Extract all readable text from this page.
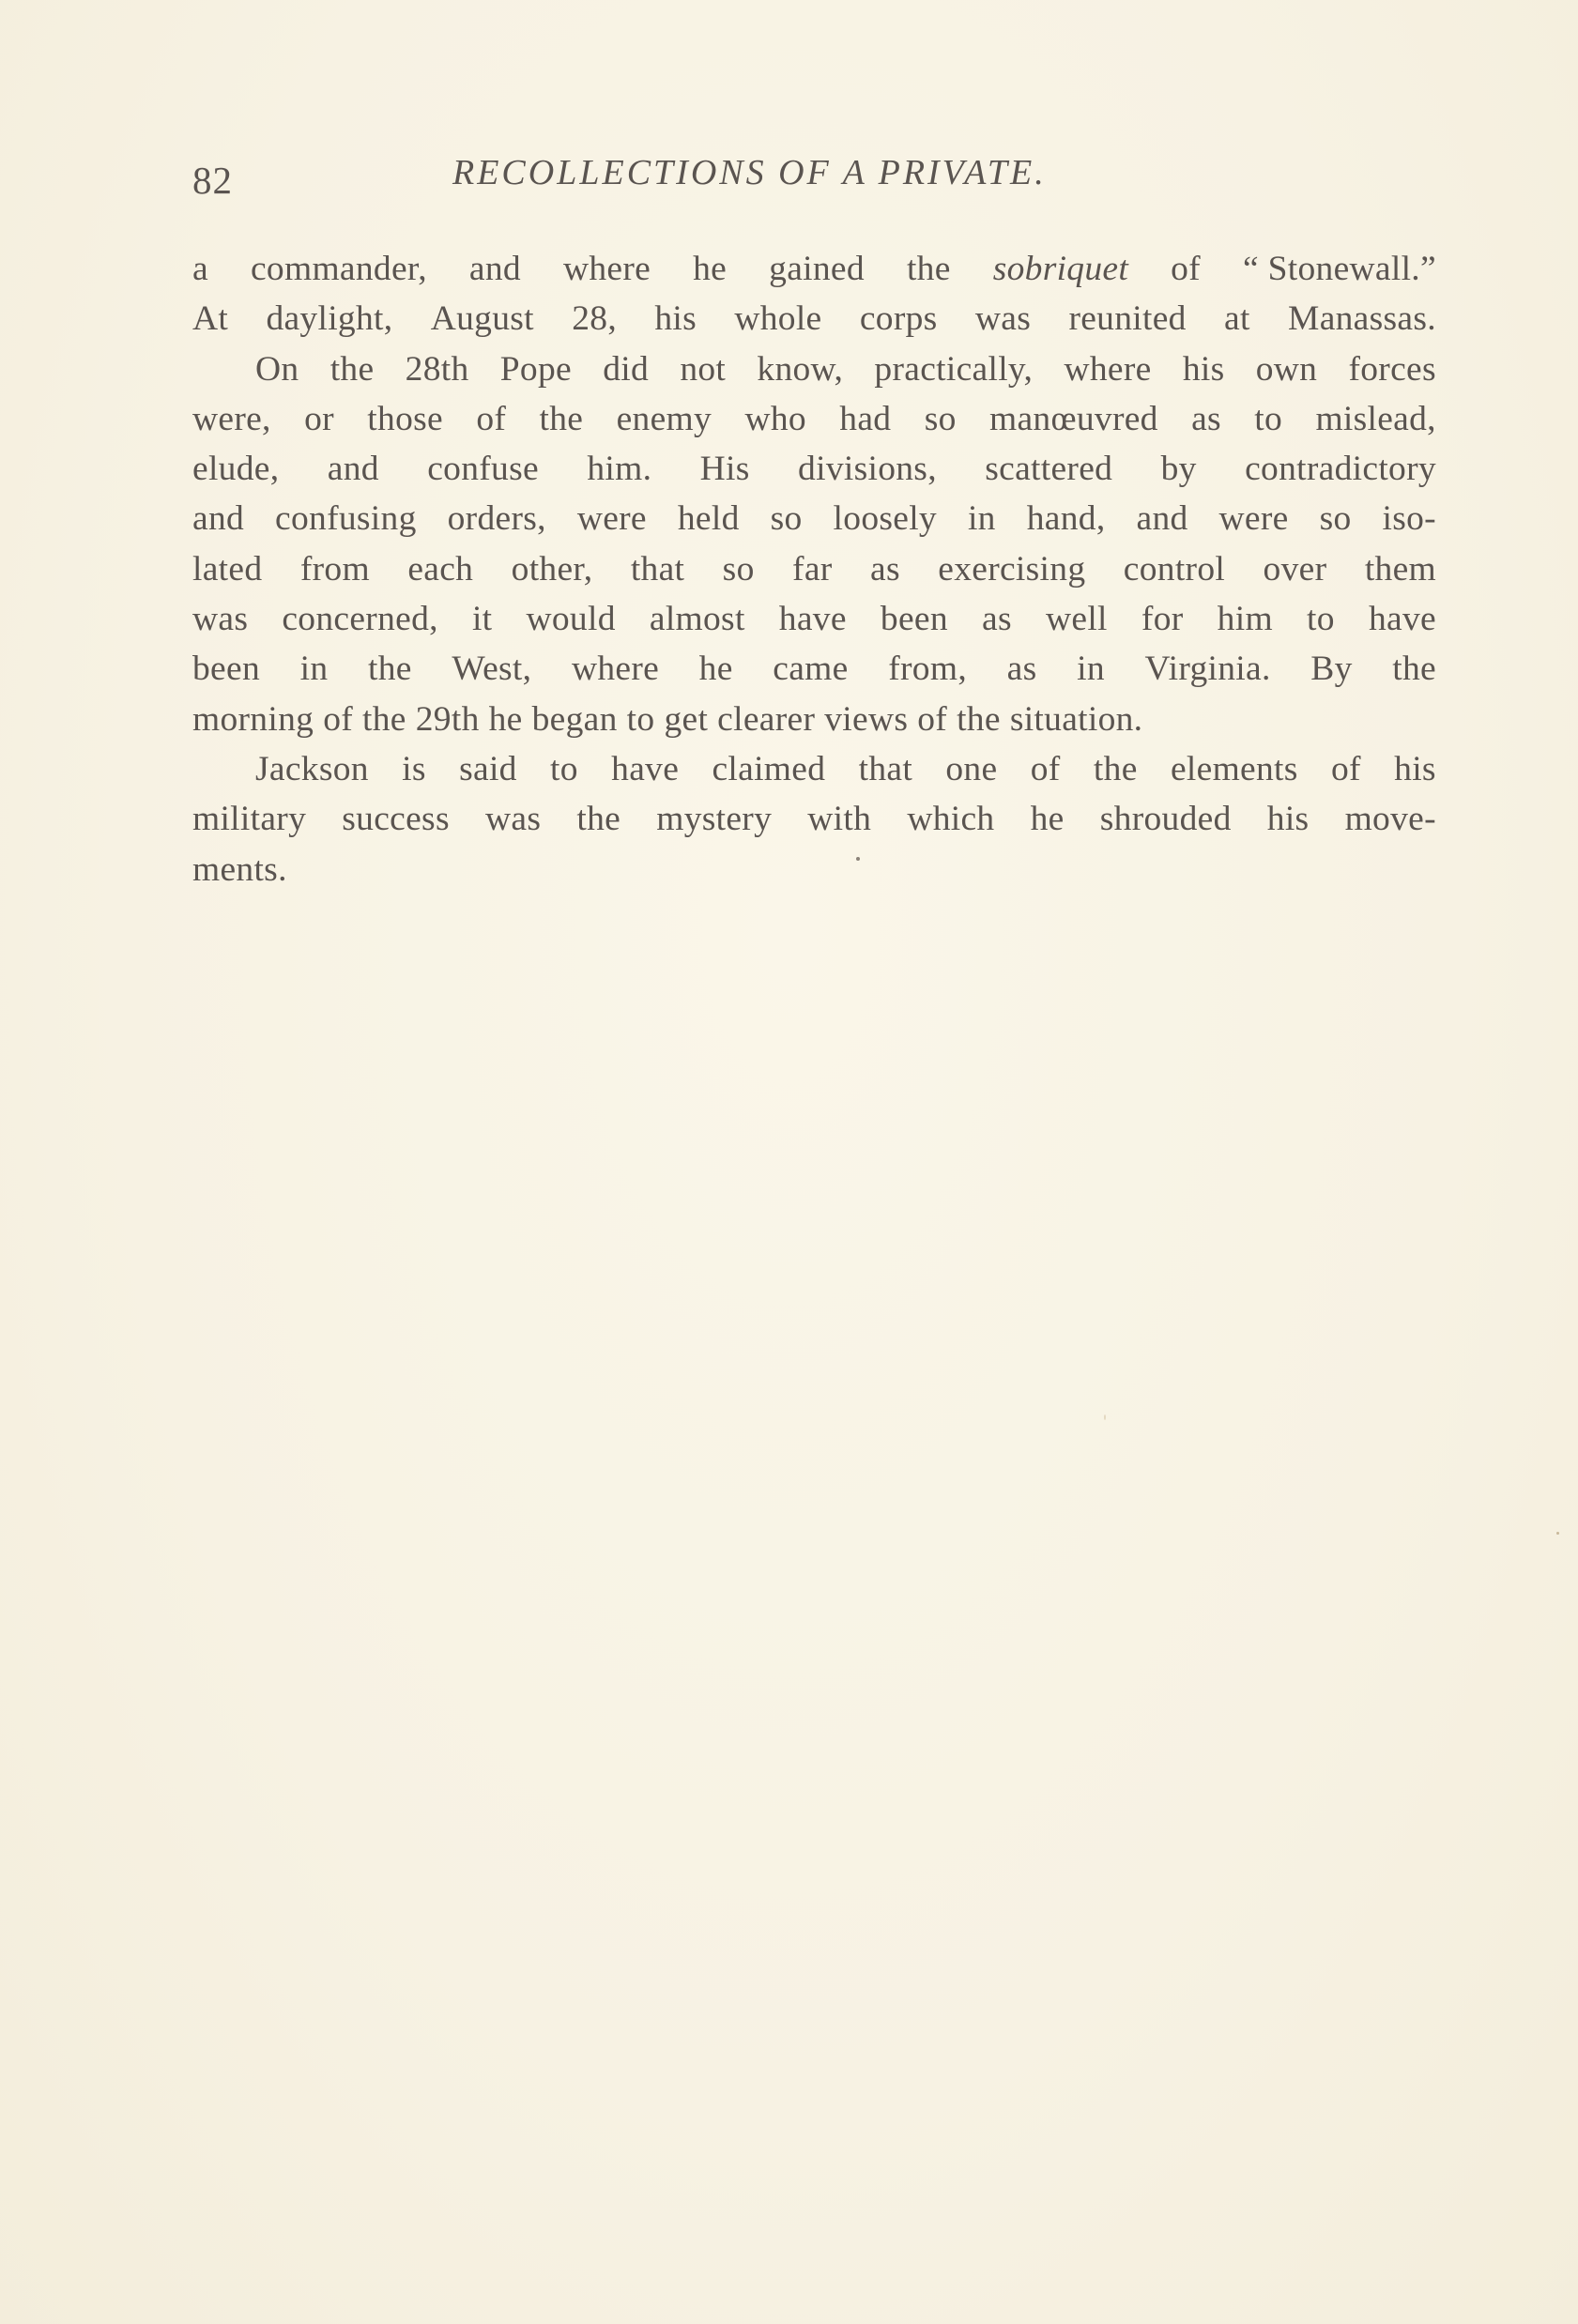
82	RECOLLECTIONS OF A PRIVATE.
a commander, and where he gained the sobriquet of “ Stonewall.”
At daylight, August 28, his whole corps was reunited at Manassas.
On the 28th Pope did not know, practically, where his own forces
were, or those of the enemy who had so manœuvred as to mislead,
elude, and confuse him. His divisions, scattered by contradictory
and confusing orders, were held so loosely in hand, and were so iso-
lated from each other, that so far as exercising control over them
was concerned, it would almost have been as well for him to have
been in the West, where he came from, as in Virginia. By the
morning of the 29th he began to get clearer views of the situation.
Jackson is said to have claimed that one of the elements of his
military success was the mystery with which he shrouded his move-
ments.
